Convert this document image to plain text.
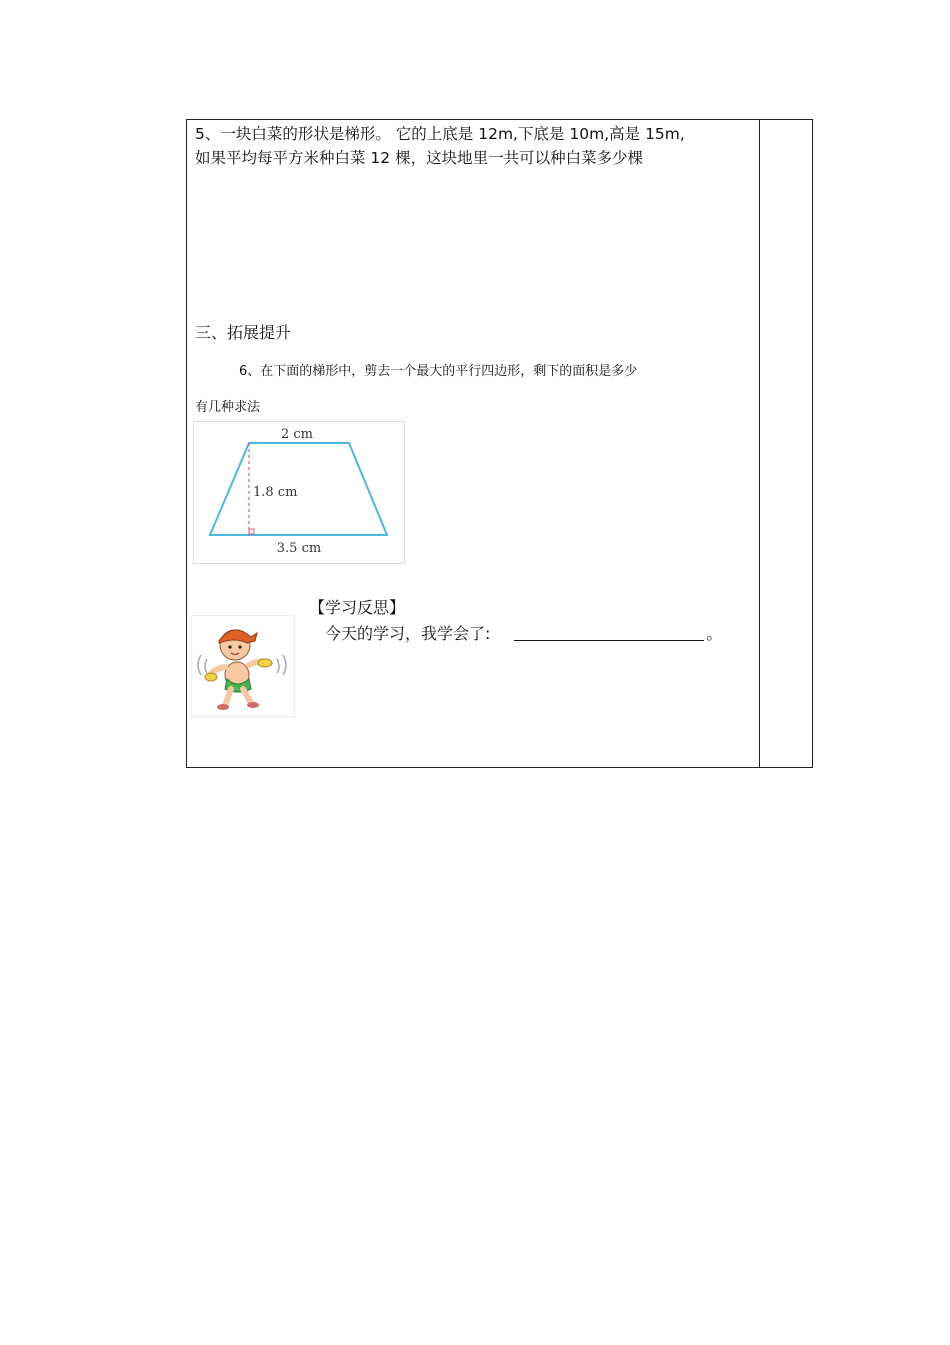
5、一块白菜的形状是梯形。 它的上底是 12m,下底是 10m,高是 15m,
如果平均每平方米种白菜 12 棵，这块地里一共可以种白菜多少棵
三、拓展提升
6、在下面的梯形中，剪去一个最大的平行四边形，剩下的面积是多少
有几种求法
2 cm
1.8 cm
3.5 cm
【学习反思】
今天的学习，我学会了:	。
